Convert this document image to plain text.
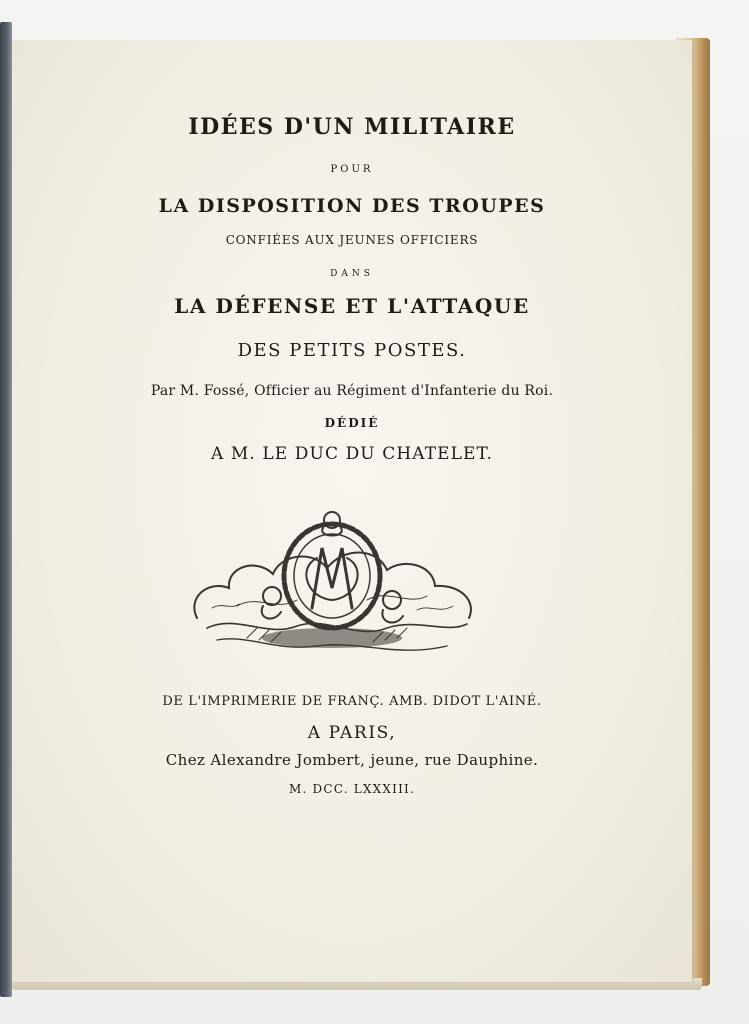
IDÉES D'UN MILITAIRE
POUR
LA DISPOSITION DES TROUPES
CONFIÉES AUX JEUNES OFFICIERS
DANS
LA DÉFENSE ET L'ATTAQUE
DES PETITS POSTES.
Par M. Fossé, Officier au Régiment d'Infanterie du Roi.
DÉDIÉ
A M. LE DUC DU CHATELET.
DE L'IMPRIMERIE DE FRANÇ. AMB. DIDOT L'AINÉ.
A PARIS,
Chez Alexandre Jombert, jeune, rue Dauphine.
M. DCC. LXXXIII.
